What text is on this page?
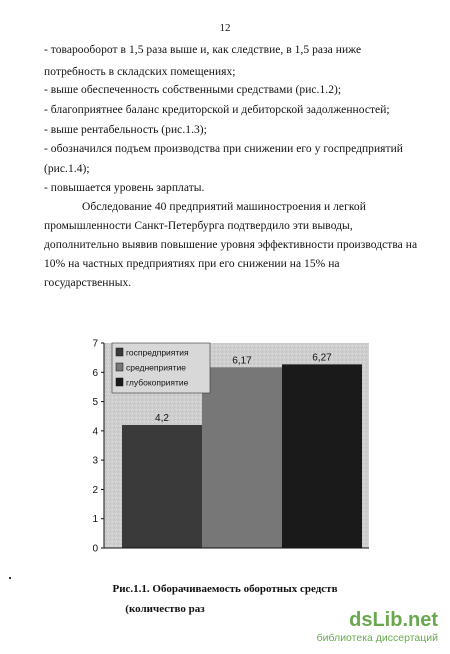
12
- товарооборот в 1,5 раза выше и, как следствие, в 1,5 раза ниже
потребность в складских помещениях;
- выше обеспеченность собственными средствами (рис.1.2);
- благоприятнее баланс кредиторской и дебиторской задолженностей;
- выше рентабельность (рис.1.3);
- обозначился подъем производства при снижении его у госпредприятий
(рис.1.4);
- повышается уровень зарплаты.
Обследование 40 предприятий машиностроения и легкой
промышленности Санкт-Петербурга подтвердило эти выводы,
дополнительно выявив повышение уровня эффективности производства на
10% на частных предприятиях при его снижении на 15% на
государственных.
4,2
6,17	6,27
0
1
2
3
4
5
6
7
госпредприятия
среднеприятие
глубокоприятие
Рис.1.1. Оборачиваемость оборотных средств
(количество раз	dsLib.net
библиотека диссертаций
